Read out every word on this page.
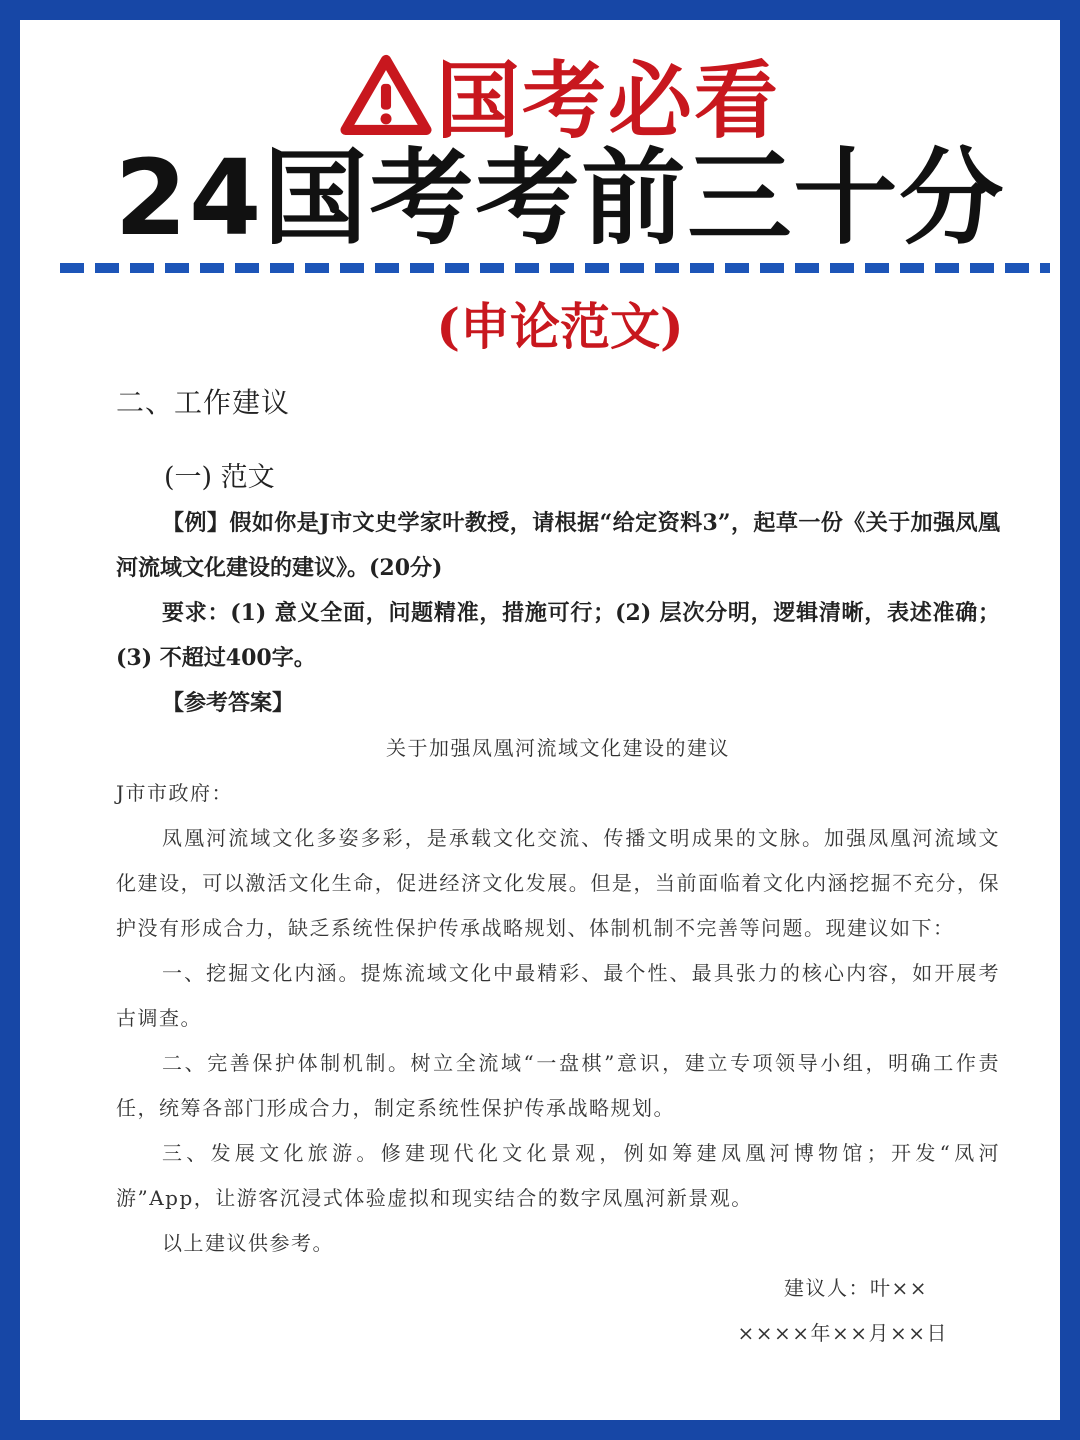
国考必看
24国考考前三十分
(申论范文)
二、工作建议
(一) 范文
【例】假如你是J市文史学家叶教授，请根据“给定资料3”，起草一份《关于加强凤凰河流域文化建设的建议》。(20分)
要求：(1) 意义全面，问题精准，措施可行；(2) 层次分明，逻辑清晰，表述准确；(3) 不超过400字。
【参考答案】
关于加强凤凰河流域文化建设的建议
J市市政府：
凤凰河流域文化多姿多彩，是承载文化交流、传播文明成果的文脉。加强凤凰河流域文化建设，可以激活文化生命，促进经济文化发展。但是，当前面临着文化内涵挖掘不充分，保护没有形成合力，缺乏系统性保护传承战略规划、体制机制不完善等问题。现建议如下：
一、挖掘文化内涵。提炼流域文化中最精彩、最个性、最具张力的核心内容，如开展考古调查。
二、完善保护体制机制。树立全流域“一盘棋”意识，建立专项领导小组，明确工作责任，统筹各部门形成合力，制定系统性保护传承战略规划。
三、发展文化旅游。修建现代化文化景观，例如筹建凤凰河博物馆；开发“凤河游”App，让游客沉浸式体验虚拟和现实结合的数字凤凰河新景观。
以上建议供参考。
建议人：叶××
××××年××月××日
